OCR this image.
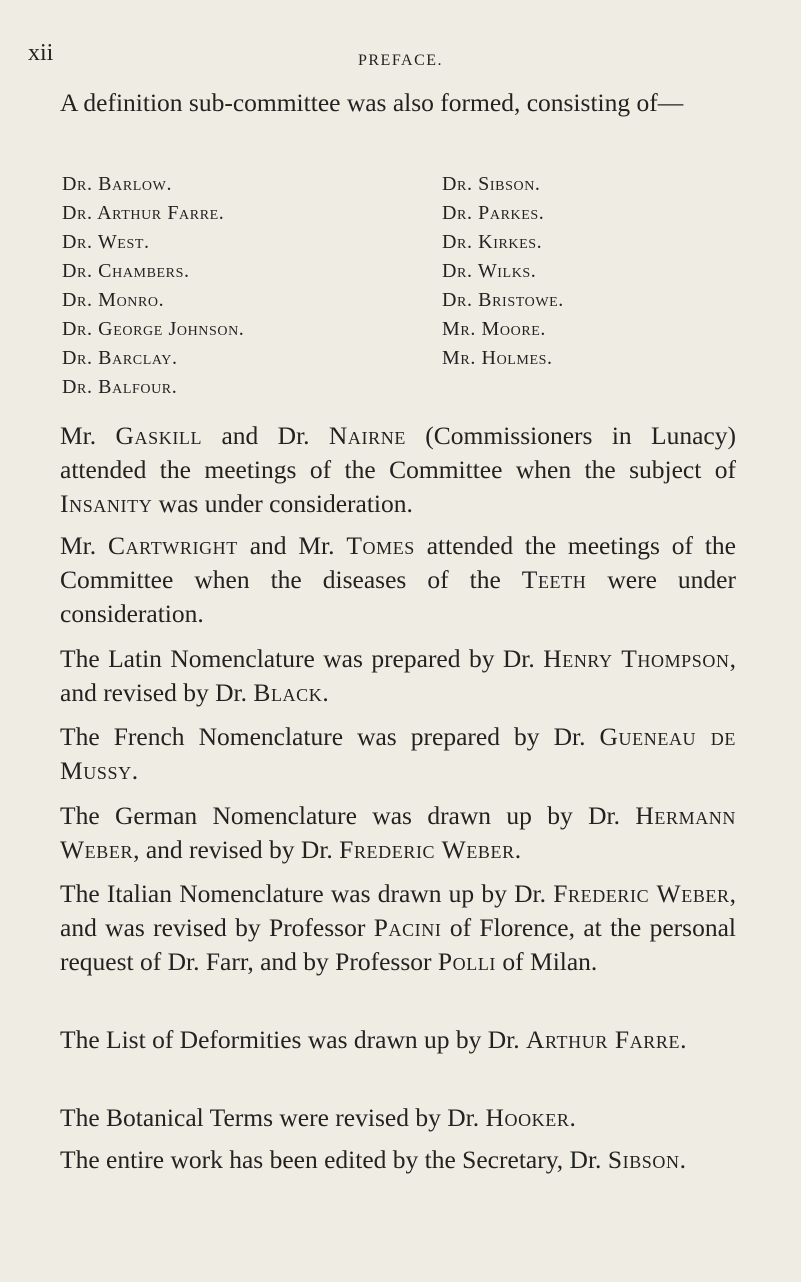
xii	PREFACE.

A definition sub-committee was also formed, consisting of—

Dr. Barlow.
Dr. Arthur Farre.
Dr. West.
Dr. Chambers.
Dr. Monro.
Dr. George Johnson.
Dr. Barclay.
Dr. Balfour.
Dr. Sibson.
Dr. Parkes.
Dr. Kirkes.
Dr. Wilks.
Dr. Bristowe.
Mr. Moore.
Mr. Holmes.

Mr. Gaskill and Dr. Nairne (Commissioners in Lunacy) attended the meetings of the Committee when the subject of Insanity was under consideration.

Mr. Cartwright and Mr. Tomes attended the meetings of the Committee when the diseases of the Teeth were under consideration.

The Latin Nomenclature was prepared by Dr. Henry Thompson, and revised by Dr. Black.

The French Nomenclature was prepared by Dr. Gueneau de Mussy.

The German Nomenclature was drawn up by Dr. Hermann Weber, and revised by Dr. Frederic Weber.

The Italian Nomenclature was drawn up by Dr. Frederic Weber, and was revised by Professor Pacini of Florence, at the personal request of Dr. Farr, and by Professor Polli of Milan.

The List of Deformities was drawn up by Dr. Arthur Farre.

The Botanical Terms were revised by Dr. Hooker.

The entire work has been edited by the Secretary, Dr. Sibson.
